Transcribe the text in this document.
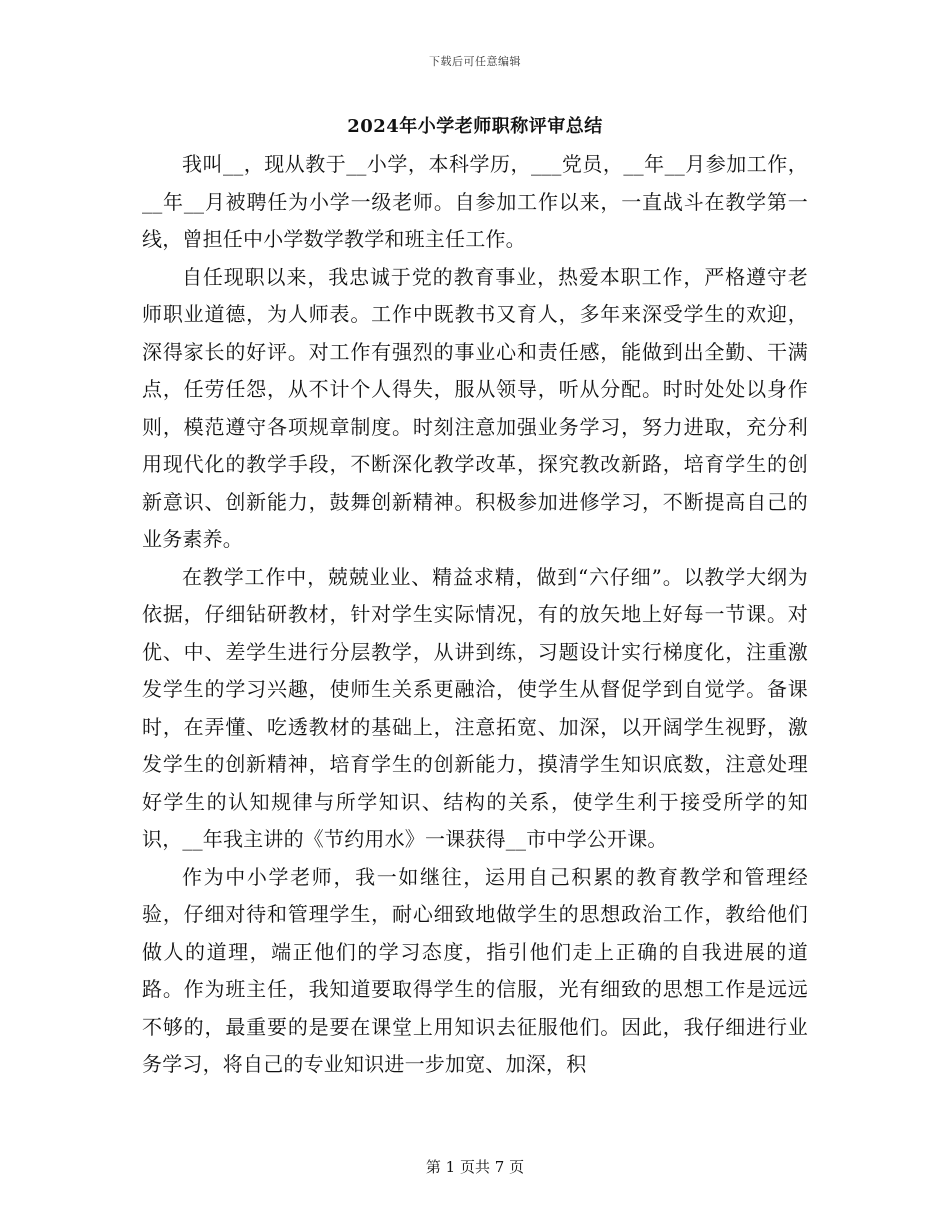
下载后可任意编辑
2024年小学老师职称评审总结

我叫__，现从教于__小学，本科学历，___党员，__年__月参加工作，__年__月被聘任为小学一级老师。自参加工作以来，一直战斗在教学第一线，曾担任中小学数学教学和班主任工作。

自任现职以来，我忠诚于党的教育事业，热爱本职工作，严格遵守老师职业道德，为人师表。工作中既教书又育人，多年来深受学生的欢迎，深得家长的好评。对工作有强烈的事业心和责任感，能做到出全勤、干满点，任劳任怨，从不计个人得失，服从领导，听从分配。时时处处以身作则，模范遵守各项规章制度。时刻注意加强业务学习，努力进取，充分利用现代化的教学手段，不断深化教学改革，探究教改新路，培育学生的创新意识、创新能力，鼓舞创新精神。积极参加进修学习，不断提高自己的业务素养。

在教学工作中，兢兢业业、精益求精，做到“六仔细”。以教学大纲为依据，仔细钻研教材，针对学生实际情况，有的放矢地上好每一节课。对优、中、差学生进行分层教学，从讲到练，习题设计实行梯度化，注重激发学生的学习兴趣，使师生关系更融洽，使学生从督促学到自觉学。备课时，在弄懂、吃透教材的基础上，注意拓宽、加深，以开阔学生视野，激发学生的创新精神，培育学生的创新能力，摸清学生知识底数，注意处理好学生的认知规律与所学知识、结构的关系，使学生利于接受所学的知识，__年我主讲的《节约用水》一课获得__市中学公开课。

作为中小学老师，我一如继往，运用自己积累的教育教学和管理经验，仔细对待和管理学生，耐心细致地做学生的思想政治工作，教给他们做人的道理，端正他们的学习态度，指引他们走上正确的自我进展的道路。作为班主任，我知道要取得学生的信服，光有细致的思想工作是远远不够的，最重要的是要在课堂上用知识去征服他们。因此，我仔细进行业务学习，将自己的专业知识进一步加宽、加深，积

第 1 页共 7 页
